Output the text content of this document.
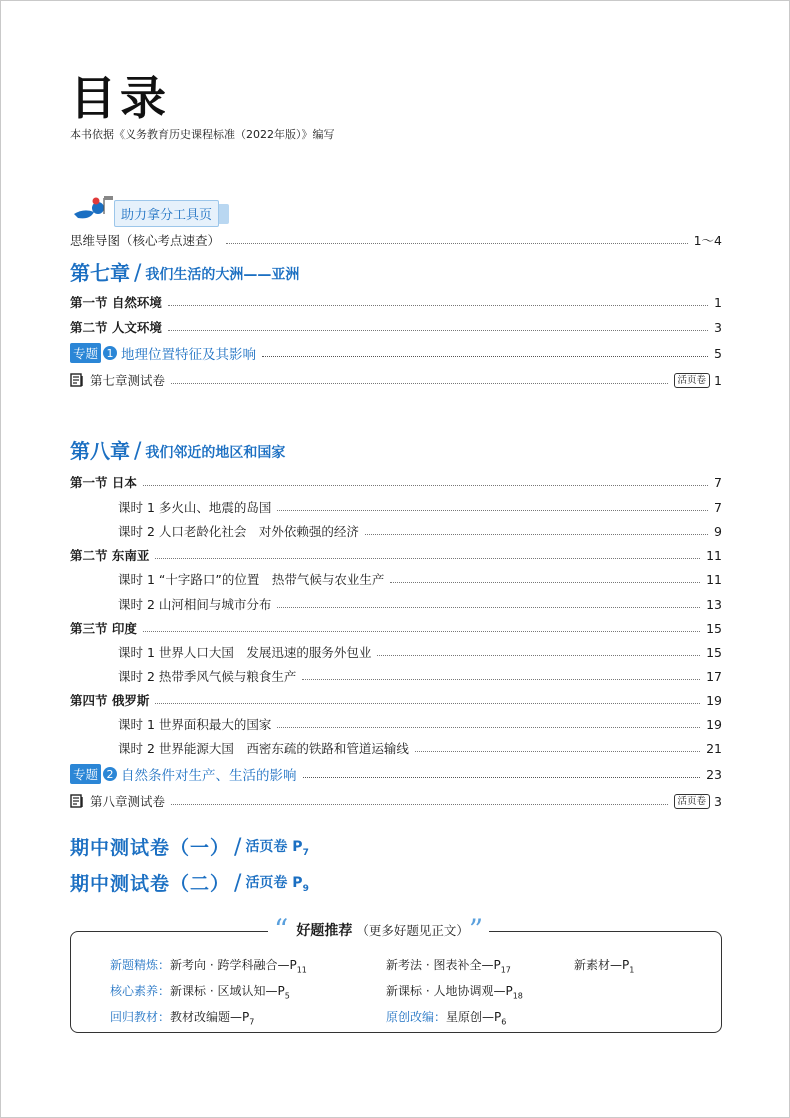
目录
本书依据《义务教育历史课程标准（2022年版）》编写
助力拿分工具页
思维导图（核心考点速查）	1～4
第七章 / 我们生活的大洲——亚洲
第一节 自然环境	1
第二节 人文环境	3
专题 1 地理位置特征及其影响	5
第七章测试卷	活页卷 1
第八章 / 我们邻近的地区和国家
第一节 日本	7
课时 1 多火山、地震的岛国	7
课时 2 人口老龄化社会　对外依赖强的经济	9
第二节 东南亚	11
课时 1 “十字路口”的位置　热带气候与农业生产	11
课时 2 山河相间与城市分布	13
第三节 印度	15
课时 1 世界人口大国　发展迅速的服务外包业	15
课时 2 热带季风气候与粮食生产	17
第四节 俄罗斯	19
课时 1 世界面积最大的国家	19
课时 2 世界能源大国　西密东疏的铁路和管道运输线	21
专题 2 自然条件对生产、生活的影响	23
第八章测试卷	活页卷 3
期中测试卷（一） / 活页卷 $P_7$
期中测试卷（二） / 活页卷 $P_9$
“ 好题推荐 （更多好题见正文） ”
新题精炼：新考向 · 跨学科融合$—P_{11}$	新考法 · 图表补全$—P_{17}$	新素材$—P_1$
核心素养：新课标 · 区域认知$—P_5$	新课标 · 人地协调观$—P_{18}$
回归教材：教材改编题$—P_7$	原创改编：星原创$—P_6$
